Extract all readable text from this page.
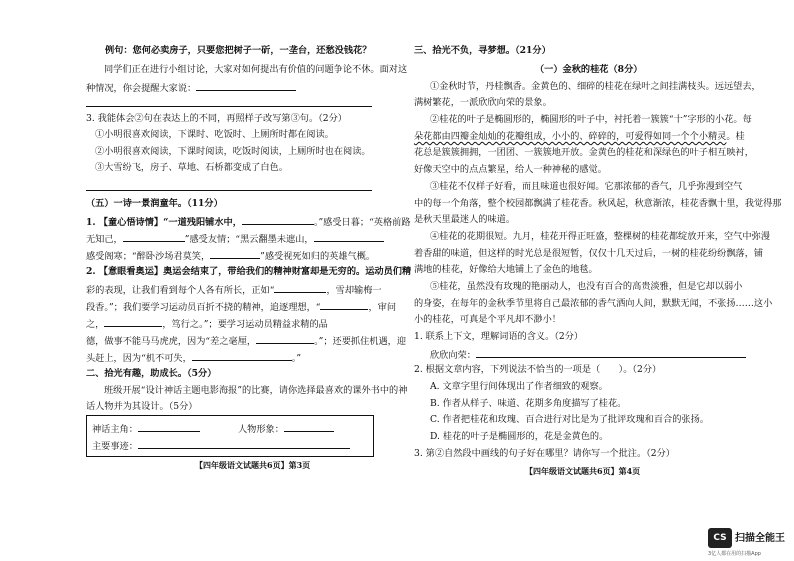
例句：您何必卖房子，只要您把树子一斫，一垄台，还愁没钱花？
同学们正在进行小组讨论，大家对如何提出有价值的问题争论不休。面对这
种情况，你会提醒大家说：
3. 我能体会②句在表达上的不同，再照样子改写第③句。（2分）
①小明很喜欢阅读，下课时、吃饭时、上厕所时都在阅读。
②小明很喜欢阅读，下课时阅读，吃饭时阅读，上厕所时也在阅读。
③大雪纷飞，房子、草地、石桥都变成了白色。
（五）一诗一景润童年。（11分）
1. 【童心悟诗情】“一道残阳铺水中，	。”感受日暮；“英格前路
无知己，	”感受友情；“黑云翻墨未遮山，
感受阁寒；“醉卧沙场君莫笑，	”感受视死如归的英雄气概。
2. 【意眼看奥运】奥运会结束了，带给我们的精神财富却是无穷的。运动员们精
彩的表现，让我们看到每个人各有所长，正如“	，雪却输梅一
段香。”；我们要学习运动员百折不挠的精神，追逐理想，“	，审问
之，	，笃行之。”；要学习运动员精益求精的品
德，做事不能马马虎虎，因为“差之毫厘，	。”；还要抓住机遇，迎
头赶上，因为“机不可失，	。”
二、拾光有趣，助成长。（5分）
班级开展“设计神话主题电影海报”的比赛，请你选择最喜欢的课外书中的神
话人物并为其设计。（5分）
神话主角：	人物形象：
主要事迹：
【四年级语文试题共6页】第3页
三、拾光不负，寻梦想。（21分）
（一）金秋的桂花（8分）
①金秋时节，丹桂飘香。金黄色的、细碎的桂花在绿叶之间挂满枝头。远远望去，
满树繁花，一派欣欣向荣的景象。
②桂花的叶子是椭圆形的，椭圆形的叶子中，衬托着一簇簇“十”字形的小花。每
朵花都由四瓣金灿灿的花瓣组成，小小的、碎碎的，可爱得如同一个个小精灵。桂
花总是簇簇拥拥，一团团、一簇簇地开放。金黄色的桂花和深绿色的叶子相互映衬，
好像天空中的点点繁星，给人一种神秘的感觉。
③桂花不仅样子好看，而且味道也很好闻。它那浓郁的香气，几乎弥漫到空气
中的每一个角落，整个校园都飘满了桂花香。秋风起，秋意渐浓，桂花香飘十里，我觉得那
是秋天里最迷人的味道。
④桂花的花期很短。九月，桂花开得正旺盛，整棵树的桂花都绽放开来，空气中弥漫
着香甜的味道，但这样的时光总是很短暂，仅仅十几天过后，一树的桂花纷纷飘落，铺
满地的桂花，好像给大地铺上了金色的地毯。
⑤桂花，虽然没有玫瑰的艳丽动人，也没有百合的高贵淡雅，但是它却以弱小
的身姿，在每年的金秋季节里将自己最浓郁的香气洒向人间，默默无闻，不张扬……这小
小的桂花，可真是个平凡却不渺小！
1. 联系上下文，理解词语的含义。（2分）
欣欣向荣：
2. 根据文章内容，下列说法不恰当的一项是（　　）。（2分）
A. 文章字里行间体现出了作者细致的观察。
B. 作者从样子、味道、花期多角度描写了桂花。
C. 作者把桂花和玫瑰、百合进行对比是为了批评玫瑰和百合的张扬。
D. 桂花的叶子是椭圆形的，花是金黄色的。
3. 第②自然段中画线的句子好在哪里？请你写一个批注。（2分）
【四年级语文试题共6页】第4页
CS 扫描全能王
3亿人都在用的扫描App
